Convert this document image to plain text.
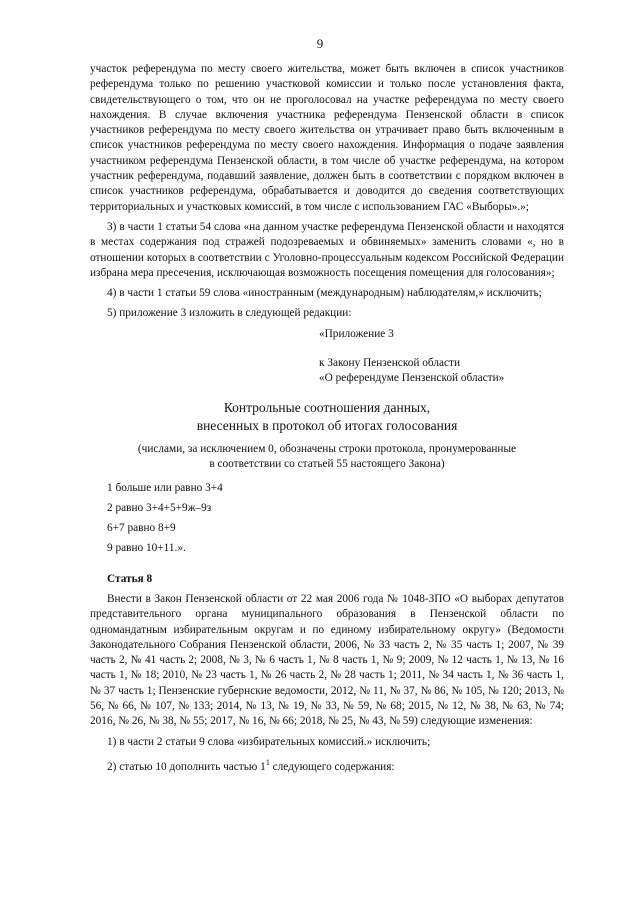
9

участок референдума по месту своего жительства, может быть включен в список участников референдума только по решению участковой комиссии и только после установления факта, свидетельствующего о том, что он не проголосовал на участке референдума по месту своего нахождения. В случае включения участника референдума Пензенской области в список участников референдума по месту своего жительства он утрачивает право быть включенным в список участников референдума по месту своего нахождения. Информация о подаче заявления участником референдума Пензенской области, в том числе об участке референдума, на котором участник референдума, подавший заявление, должен быть в соответствии с порядком включен в список участников референдума, обрабатывается и доводится до сведения соответствующих территориальных и участковых комиссий, в том числе с использованием ГАС «Выборы».»;

3) в части 1 статьи 54 слова «на данном участке референдума Пензенской области и находятся в местах содержания под стражей подозреваемых и обвиняемых» заменить словами «, но в отношении которых в соответствии с Уголовно-процессуальным кодексом Российской Федерации избрана мера пресечения, исключающая возможность посещения помещения для голосования»;

4) в части 1 статьи 59 слова «иностранным (международным) наблюдателям,» исключить;

5) приложение 3 изложить в следующей редакции:

«Приложение 3
к Закону Пензенской области
«О референдуме Пензенской области»
Контрольные соотношения данных,
внесенных в протокол об итогах голосования
(числами, за исключением 0, обозначены строки протокола, пронумерованные
в соответствии со статьей 55 настоящего Закона)
1 больше или равно 3+4
2 равно 3+4+5+9ж–9з
6+7 равно 8+9
9 равно 10+11.».
Статья 8

Внести в Закон Пензенской области от 22 мая 2006 года № 1048-ЗПО «О выборах депутатов представительного органа муниципального образования в Пензенской области по одномандатным избирательным округам и по единому избирательному округу» (Ведомости Законодательного Собрания Пензенской области, 2006, № 33 часть 2, № 35 часть 1; 2007, № 39 часть 2, № 41 часть 2; 2008, № 3, № 6 часть 1, № 8 часть 1, № 9; 2009, № 12 часть 1, № 13, № 16 часть 1, № 18; 2010, № 23 часть 1, № 26 часть 2, № 28 часть 1; 2011, № 34 часть 1, № 36 часть 1, № 37 часть 1; Пензенские губернские ведомости, 2012, № 11, № 37, № 86, № 105, № 120; 2013, № 56, № 66, № 107, № 133; 2014, № 13, № 19, № 33, № 59, № 68; 2015, № 12, № 38, № 63, № 74; 2016, № 26, № 38, № 55; 2017, № 16, № 66; 2018, № 25, № 43, № 59) следующие изменения:

1) в части 2 статьи 9 слова «избирательных комиссий.» исключить;

2) статью 10 дополнить частью $1^1$ следующего содержания:
